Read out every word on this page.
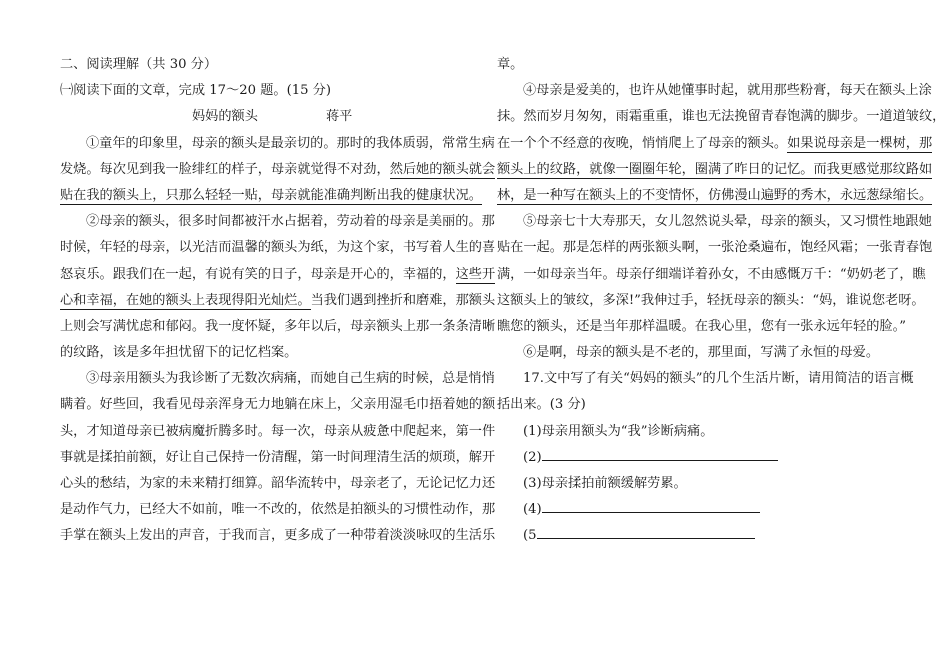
二、阅读理解（共 30 分）
㈠阅读下面的文章，完成 17～20 题。(15 分)
妈妈的额头	蒋平
①童年的印象里，母亲的额头是最亲切的。那时的我体质弱，常常生病
发烧。每次见到我一脸绯红的样子，母亲就觉得不对劲，然后她的额头就会
贴在我的额头上，只那么轻轻一贴，母亲就能准确判断出我的健康状况。
②母亲的额头，很多时间都被汗水占据着，劳动着的母亲是美丽的。那
时候，年轻的母亲，以光洁而温馨的额头为纸，为这个家，书写着人生的喜
怒哀乐。跟我们在一起，有说有笑的日子，母亲是开心的，幸福的，这些开
心和幸福，在她的额头上表现得阳光灿烂。当我们遇到挫折和磨难，那额头
上则会写满忧虑和郁闷。我一度怀疑，多年以后，母亲额头上那一条条清晰
的纹路，该是多年担忧留下的记忆档案。
③母亲用额头为我诊断了无数次病痛，而她自己生病的时候，总是悄悄
瞒着。好些回，我看见母亲浑身无力地躺在床上，父亲用湿毛巾捂着她的额
头，才知道母亲已被病魔折腾多时。每一次，母亲从疲惫中爬起来，第一件
事就是揉拍前额，好让自己保持一份清醒，第一时间理清生活的烦琐，解开
心头的愁结，为家的未来精打细算。韶华流转中，母亲老了，无论记忆力还
是动作气力，已经大不如前，唯一不改的，依然是拍额头的习惯性动作，那
手掌在额头上发出的声音，于我而言，更多成了一种带着淡淡咏叹的生活乐
章。
④母亲是爱美的，也许从她懂事时起，就用那些粉膏，每天在额头上涂
抹。然而岁月匆匆，雨霜重重，谁也无法挽留青春饱满的脚步。一道道皱纹，
在一个个不经意的夜晚，悄悄爬上了母亲的额头。如果说母亲是一棵树，那
额头上的纹路，就像一圈圈年轮，圈满了昨日的记忆。而我更感觉那纹路如
林，是一种写在额头上的不变情怀，仿佛漫山遍野的秀木，永远葱绿缩长。
⑤母亲七十大寿那天，女儿忽然说头晕，母亲的额头，又习惯性地跟她
贴在一起。那是怎样的两张额头啊，一张沧桑遍布，饱经风霜；一张青春饱
满，一如母亲当年。母亲仔细端详着孙女，不由感慨万千：“奶奶老了，瞧
这额头上的皱纹，多深!”我伸过手，轻抚母亲的额头：“妈，谁说您老呀。
瞧您的额头，还是当年那样温暖。在我心里，您有一张永远年轻的脸。”
⑥是啊，母亲的额头是不老的，那里面，写满了永恒的母爱。
17.文中写了有关“妈妈的额头”的几个生活片断，请用简洁的语言概
括出来。(3 分)
(1)母亲用额头为“我”诊断病痛。
(2)
(3)母亲揉拍前额缓解劳累。
(4)
(5
